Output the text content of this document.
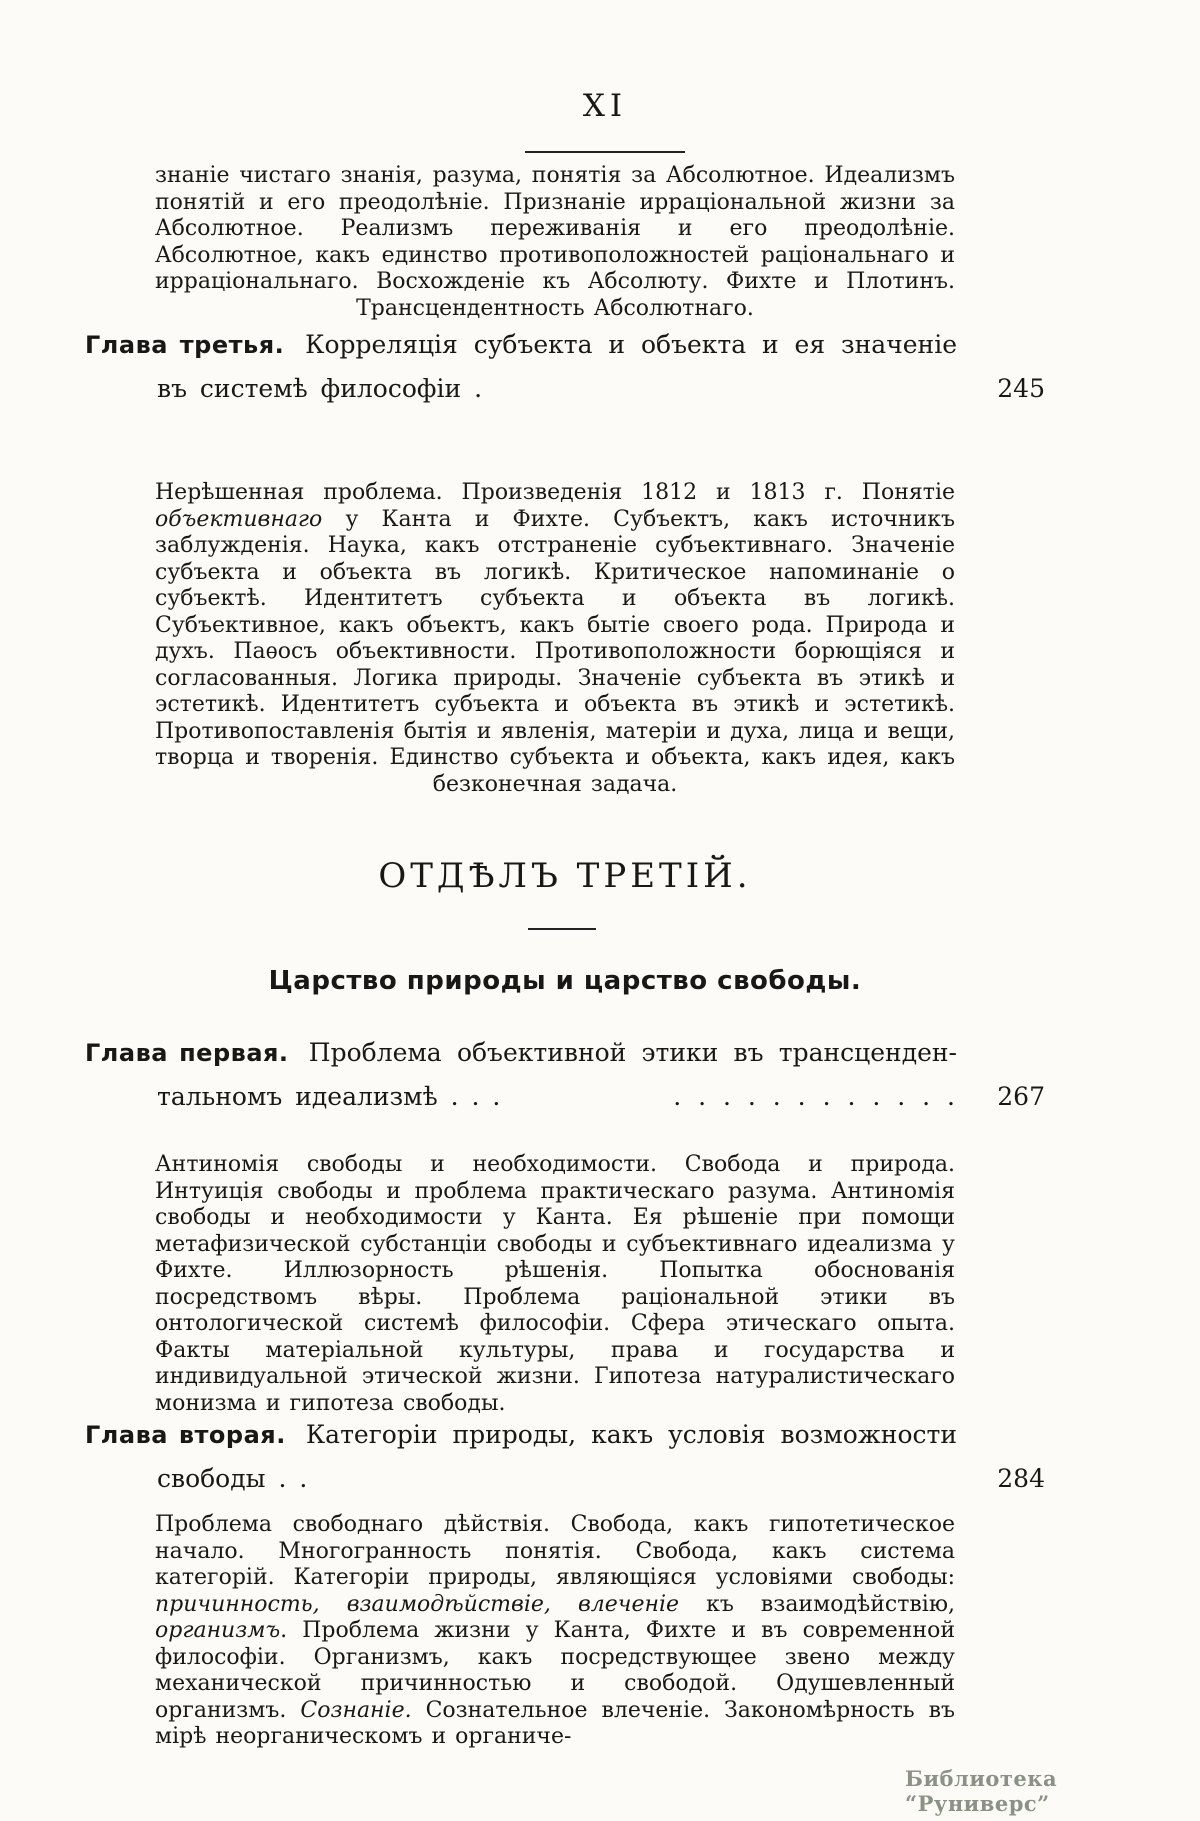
XI
знаніе чистаго знанія, разума, понятія за Абсолютное. Идеализмъ понятій и его преодолѣніе. Признаніе ирраціональной жизни за Абсолютное. Реализмъ переживанія и его преодолѣніе. Абсолютное, какъ единство противоположностей раціональнаго и ирраціональнаго. Восхожденіе къ Абсолюту. Фихте и Плотинъ. Трансцендентность Абсолютнаго.
Глава третья. Корреляція субъекта и объекта и ея значеніе
въ системѣ философіи .	245
Нерѣшенная проблема. Произведенія 1812 и 1813 г. Понятіе объективнаго у Канта и Фихте. Субъектъ, какъ источникъ заблужденія. Наука, какъ отстраненіе субъективнаго. Значеніе субъекта и объекта въ логикѣ. Критическое напоминаніе о субъектѣ. Идентитетъ субъекта и объекта въ логикѣ. Субъективное, какъ объектъ, какъ бытіе своего рода. Природа и духъ. Паѳосъ объективности. Противоположности борющіяся и согласованныя. Логика природы. Значеніе субъекта въ этикѣ и эстетикѣ. Идентитетъ субъекта и объекта въ этикѣ и эстетикѣ. Противопоставленія бытія и явленія, матеріи и духа, лица и вещи, творца и творенія. Единство субъекта и объекта, какъ идея, какъ безконечная задача.
ОТДѢЛЪ ТРЕТІЙ.
Царство природы и царство свободы.
Глава первая. Проблема объективной этики въ трансценден-
тальномъ идеализмѣ . . .	. . . . . . . . . . . . 267
Антиномія свободы и необходимости. Свобода и природа. Интуиція свободы и проблема практическаго разума. Антиномія свободы и необходимости у Канта. Ея рѣшеніе при помощи метафизической субстанціи свободы и субъективнаго идеализма у Фихте. Иллюзорность рѣшенія. Попытка обоснованія посредствомъ вѣры. Проблема раціональной этики въ онтологической системѣ философіи. Сфера этическаго опыта. Факты матеріальной культуры, права и государства и индивидуальной этической жизни. Гипотеза натуралистическаго монизма и гипотеза свободы.
Глава вторая. Категоріи природы, какъ условія возможности
свободы . .	284
Проблема свободнаго дѣйствія. Свобода, какъ гипотетическое начало. Многогранность понятія. Свобода, какъ система категорій. Категоріи природы, являющіяся условіями свободы: причинность, взаимодѣйствіе, влеченіе къ взаимодѣйствію, организмъ. Проблема жизни у Канта, Фихте и въ современной философіи. Организмъ, какъ посредствующее звено между механической причинностью и свободой. Одушевленный организмъ. Сознаніе. Сознательное влеченіе. Закономѣрность въ мірѣ неорганическомъ и органиче-
Библиотека “Руниверс”
